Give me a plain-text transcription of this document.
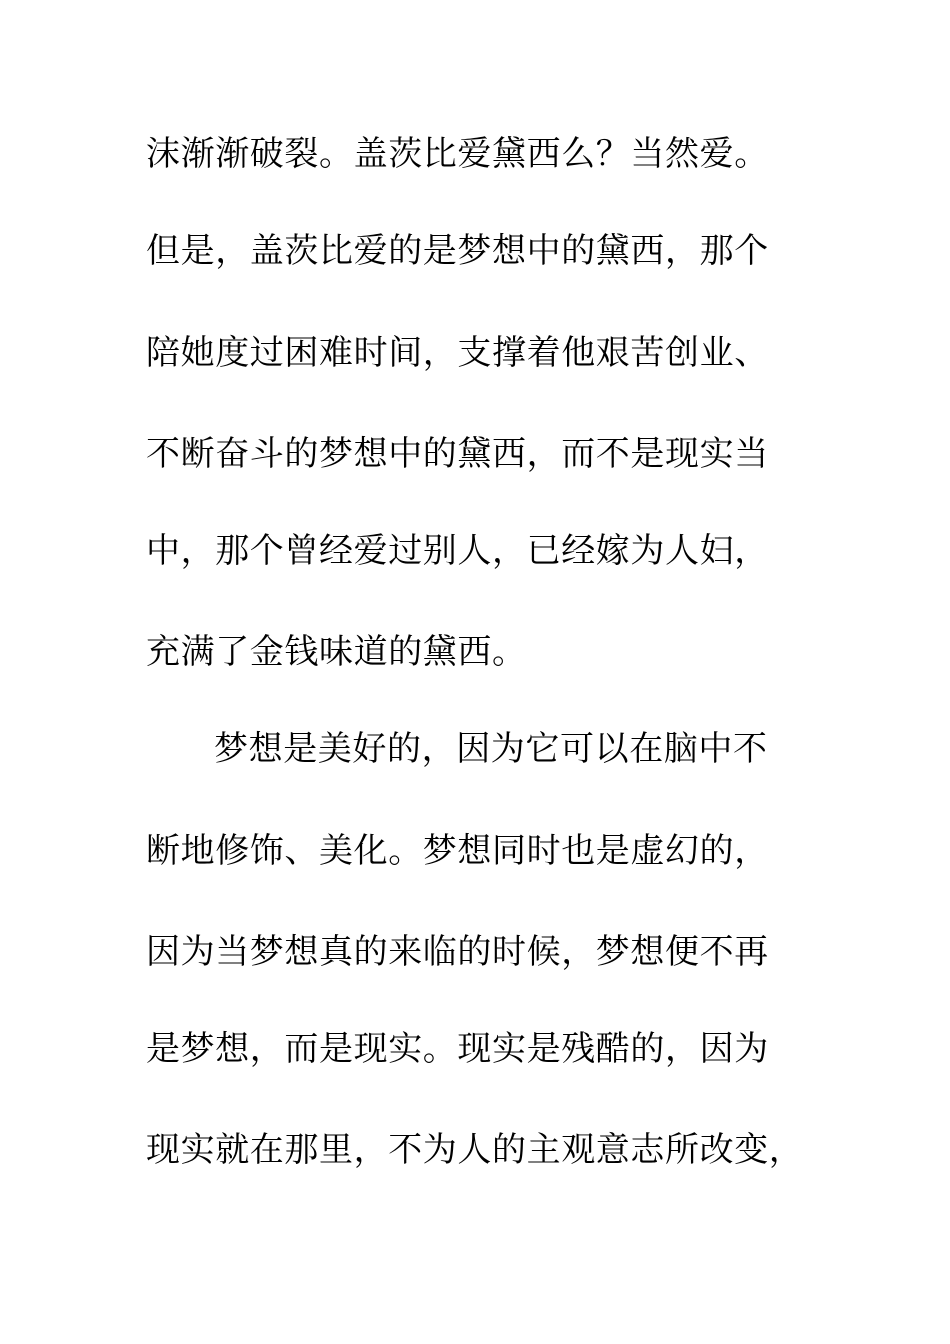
沫渐渐破裂。盖茨比爱黛西么？当然爱。

但是，盖茨比爱的是梦想中的黛西，那个

陪她度过困难时间，支撑着他艰苦创业、

不断奋斗的梦想中的黛西，而不是现实当

中，那个曾经爱过别人，已经嫁为人妇，

充满了金钱味道的黛西。

梦想是美好的，因为它可以在脑中不

断地修饰、美化。梦想同时也是虚幻的，

因为当梦想真的来临的时候，梦想便不再

是梦想，而是现实。现实是残酷的，因为

现实就在那里，不为人的主观意志所改变，
